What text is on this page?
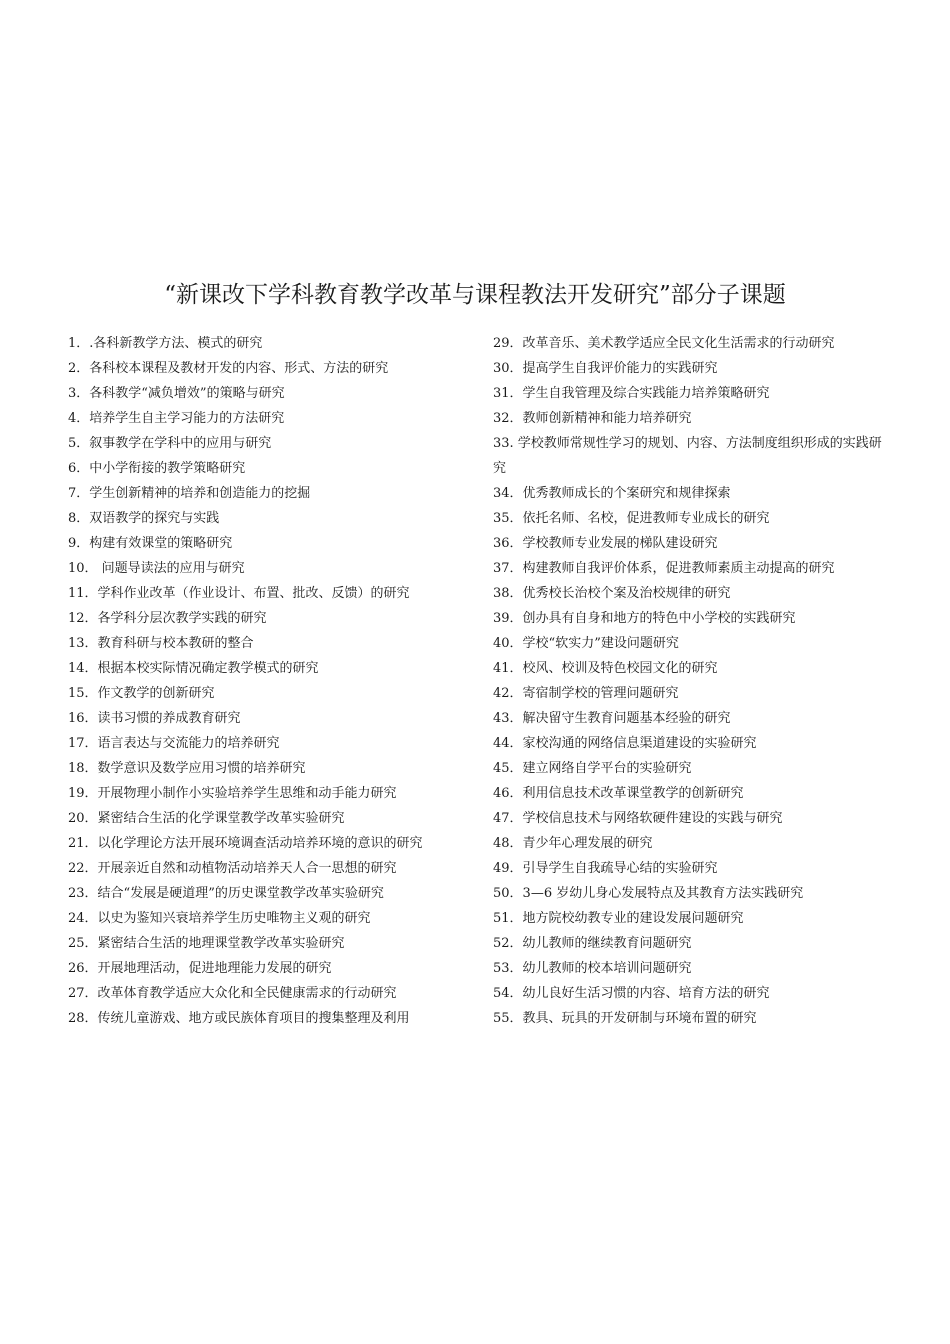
“新课改下学科教育教学改革与课程教法开发研究”部分子课题
1．.各科新教学方法、模式的研究
2．各科校本课程及教材开发的内容、形式、方法的研究
3．各科教学“减负增效”的策略与研究
4．培养学生自主学习能力的方法研究
5．叙事教学在学科中的应用与研究
6．中小学衔接的教学策略研究
7．学生创新精神的培养和创造能力的挖掘
8．双语教学的探究与实践
9．构建有效课堂的策略研究
10． 问题导读法的应用与研究
11．学科作业改革（作业设计、布置、批改、反馈）的研究
12．各学科分层次教学实践的研究
13．教育科研与校本教研的整合
14．根据本校实际情况确定教学模式的研究
15．作文教学的创新研究
16．读书习惯的养成教育研究
17．语言表达与交流能力的培养研究
18．数学意识及数学应用习惯的培养研究
19．开展物理小制作小实验培养学生思维和动手能力研究
20．紧密结合生活的化学课堂教学改革实验研究
21．以化学理论方法开展环境调查活动培养环境的意识的研究
22．开展亲近自然和动植物活动培养天人合一思想的研究
23．结合“发展是硬道理”的历史课堂教学改革实验研究
24．以史为鉴知兴衰培养学生历史唯物主义观的研究
25．紧密结合生活的地理课堂教学改革实验研究
26．开展地理活动，促进地理能力发展的研究
27．改革体育教学适应大众化和全民健康需求的行动研究
28．传统儿童游戏、地方或民族体育项目的搜集整理及利用
29．改革音乐、美术教学适应全民文化生活需求的行动研究
30．提高学生自我评价能力的实践研究
31．学生自我管理及综合实践能力培养策略研究
32．教师创新精神和能力培养研究
33. 学校教师常规性学习的规划、内容、方法制度组织形成的实践研究
34．优秀教师成长的个案研究和规律探索
35．依托名师、名校，促进教师专业成长的研究
36．学校教师专业发展的梯队建设研究
37．构建教师自我评价体系，促进教师素质主动提高的研究
38．优秀校长治校个案及治校规律的研究
39．创办具有自身和地方的特色中小学校的实践研究
40．学校“软实力”建设问题研究
41．校风、校训及特色校园文化的研究
42．寄宿制学校的管理问题研究
43．解决留守生教育问题基本经验的研究
44．家校沟通的网络信息渠道建设的实验研究
45．建立网络自学平台的实验研究
46．利用信息技术改革课堂教学的创新研究
47．学校信息技术与网络软硬件建设的实践与研究
48．青少年心理发展的研究
49．引导学生自我疏导心结的实验研究
50．3—6 岁幼儿身心发展特点及其教育方法实践研究
51．地方院校幼教专业的建设发展问题研究
52．幼儿教师的继续教育问题研究
53．幼儿教师的校本培训问题研究
54．幼儿良好生活习惯的内容、培育方法的研究
55．教具、玩具的开发研制与环境布置的研究
